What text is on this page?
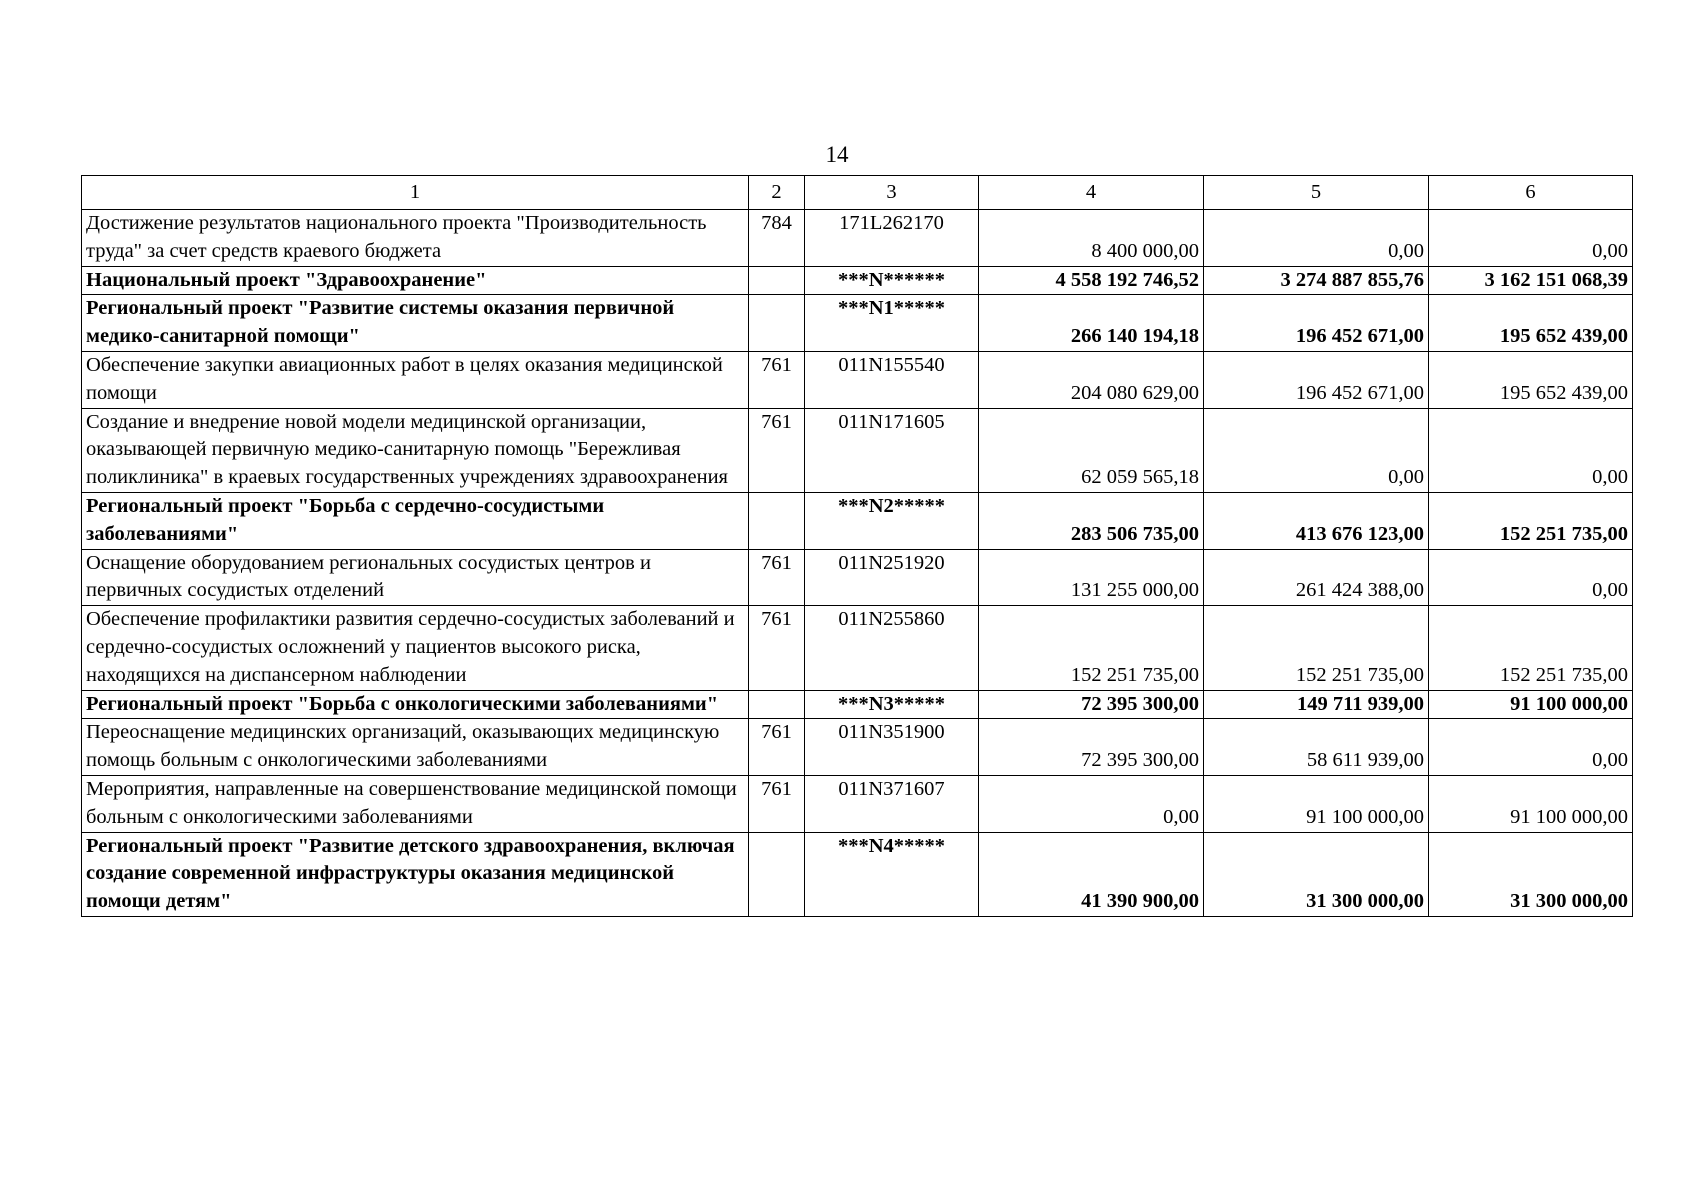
14
1	2	3	4	5	6
Достижение результатов национального проекта "Производительность труда" за счет средств краевого бюджета	784	171L262170	8 400 000,00	0,00	0,00
Национальный проект "Здравоохранение"		***N******	4 558 192 746,52	3 274 887 855,76	3 162 151 068,39
Региональный проект "Развитие системы оказания первичной медико-санитарной помощи"		***N1*****	266 140 194,18	196 452 671,00	195 652 439,00
Обеспечение закупки авиационных работ в целях оказания медицинской помощи	761	011N155540	204 080 629,00	196 452 671,00	195 652 439,00
Создание и внедрение новой модели медицинской организации, оказывающей первичную медико-санитарную помощь "Бережливая поликлиника" в краевых государственных учреждениях здравоохранения	761	011N171605	62 059 565,18	0,00	0,00
Региональный проект "Борьба с сердечно-сосудистыми заболеваниями"		***N2*****	283 506 735,00	413 676 123,00	152 251 735,00
Оснащение оборудованием региональных сосудистых центров и первичных сосудистых отделений	761	011N251920	131 255 000,00	261 424 388,00	0,00
Обеспечение профилактики развития сердечно-сосудистых заболеваний и сердечно-сосудистых осложнений у пациентов высокого риска, находящихся на диспансерном наблюдении	761	011N255860	152 251 735,00	152 251 735,00	152 251 735,00
Региональный проект "Борьба с онкологическими заболеваниями"		***N3*****	72 395 300,00	149 711 939,00	91 100 000,00
Переоснащение медицинских организаций, оказывающих медицинскую помощь больным с онкологическими заболеваниями	761	011N351900	72 395 300,00	58 611 939,00	0,00
Мероприятия, направленные на совершенствование медицинской помощи больным с онкологическими заболеваниями	761	011N371607	0,00	91 100 000,00	91 100 000,00
Региональный проект "Развитие детского здравоохранения, включая создание современной инфраструктуры оказания медицинской помощи детям"		***N4*****	41 390 900,00	31 300 000,00	31 300 000,00
